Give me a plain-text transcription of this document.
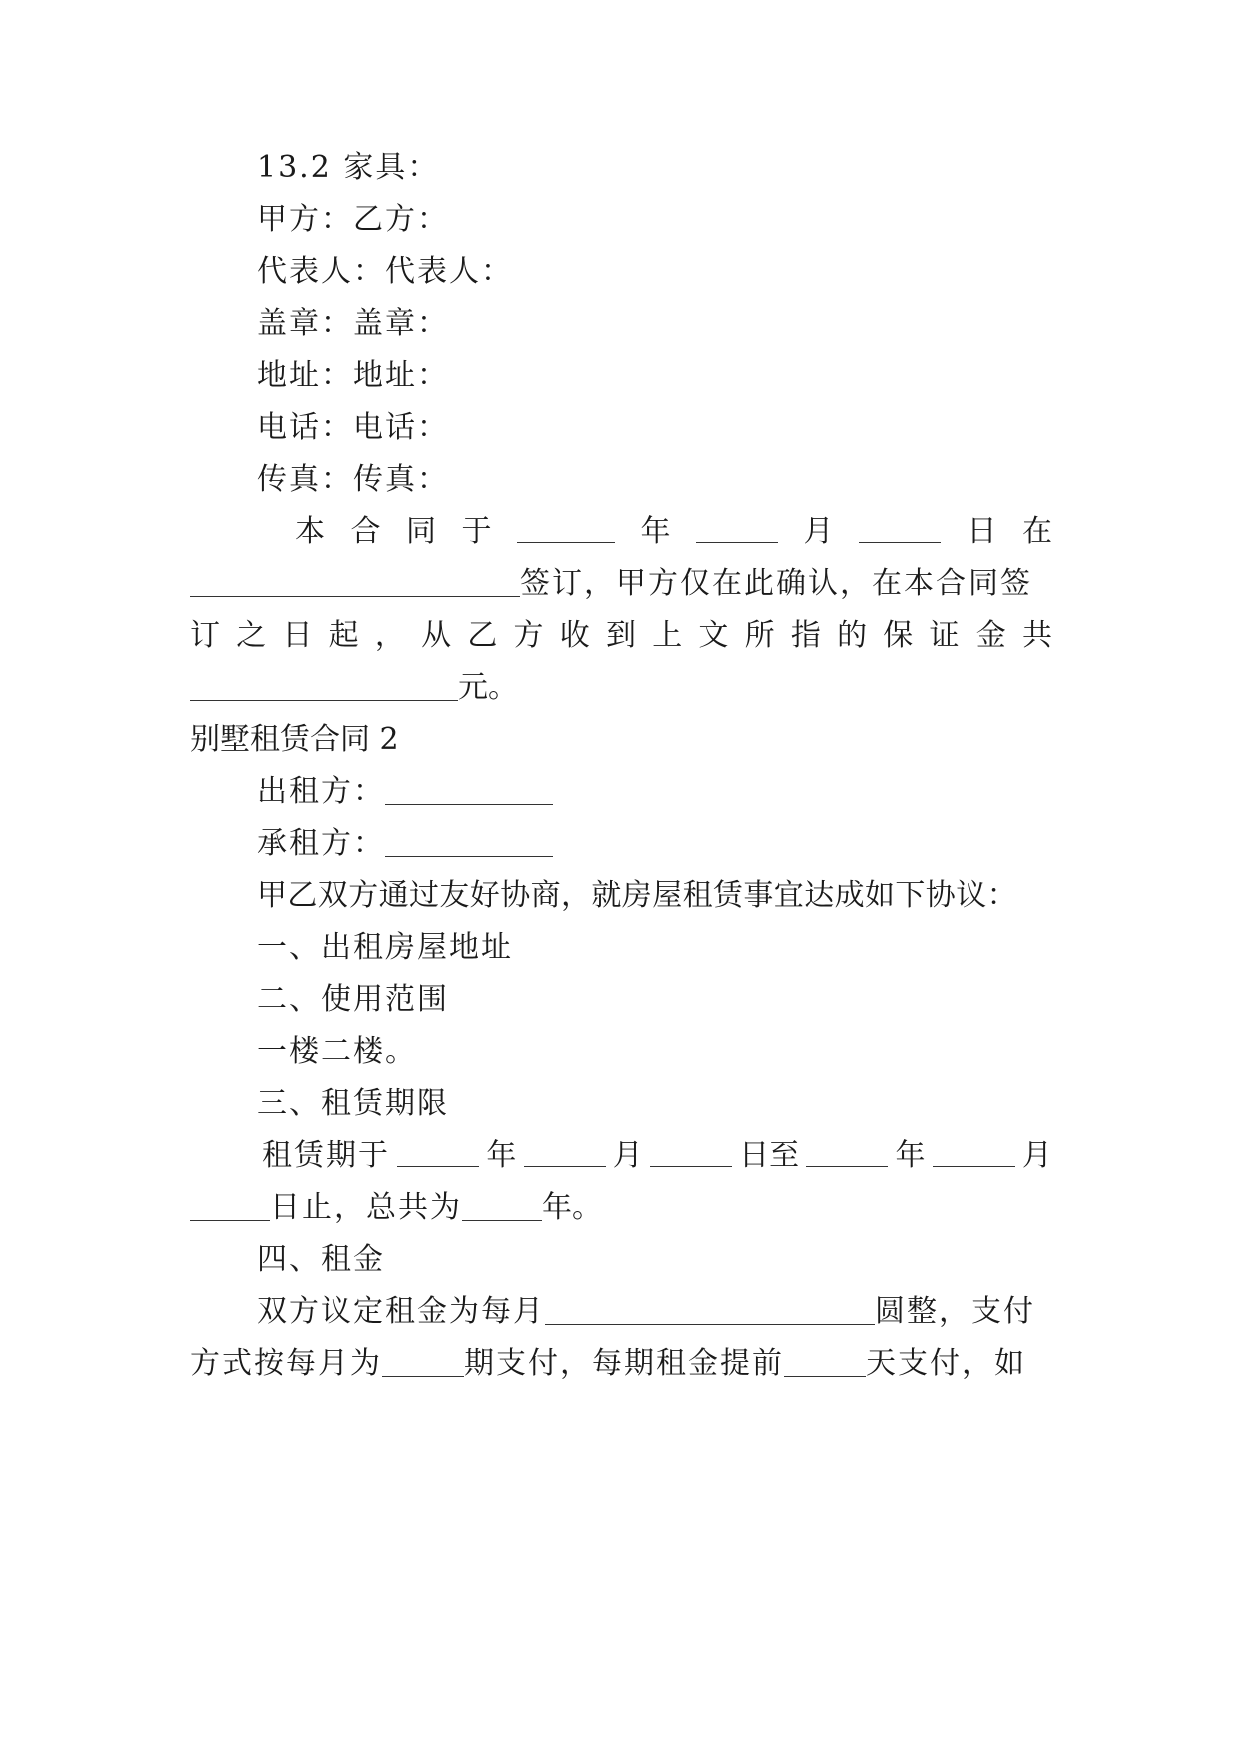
13.2 家具：
甲方：乙方：
代表人：代表人：
盖章：盖章：
地址：地址：
电话：电话：
传真：传真：
本 合 同 于	年	月	日 在
签订，甲方仅在此确认，在本合同签
订 之 日 起 ， 从 乙 方 收 到 上 文 所 指 的 保 证 金 共
元。
别墅租赁合同 2
出租方：
承租方：
甲乙双方通过友好协商，就房屋租赁事宜达成如下协议：
一、出租房屋地址
二、使用范围
一楼二楼。
三、租赁期限
租赁期于	年	月	日至	年	月
日止，总共为	年。
四、租金
双方议定租金为每月	圆整，支付
方式按每月为	期支付，每期租金提前	天支付，如
